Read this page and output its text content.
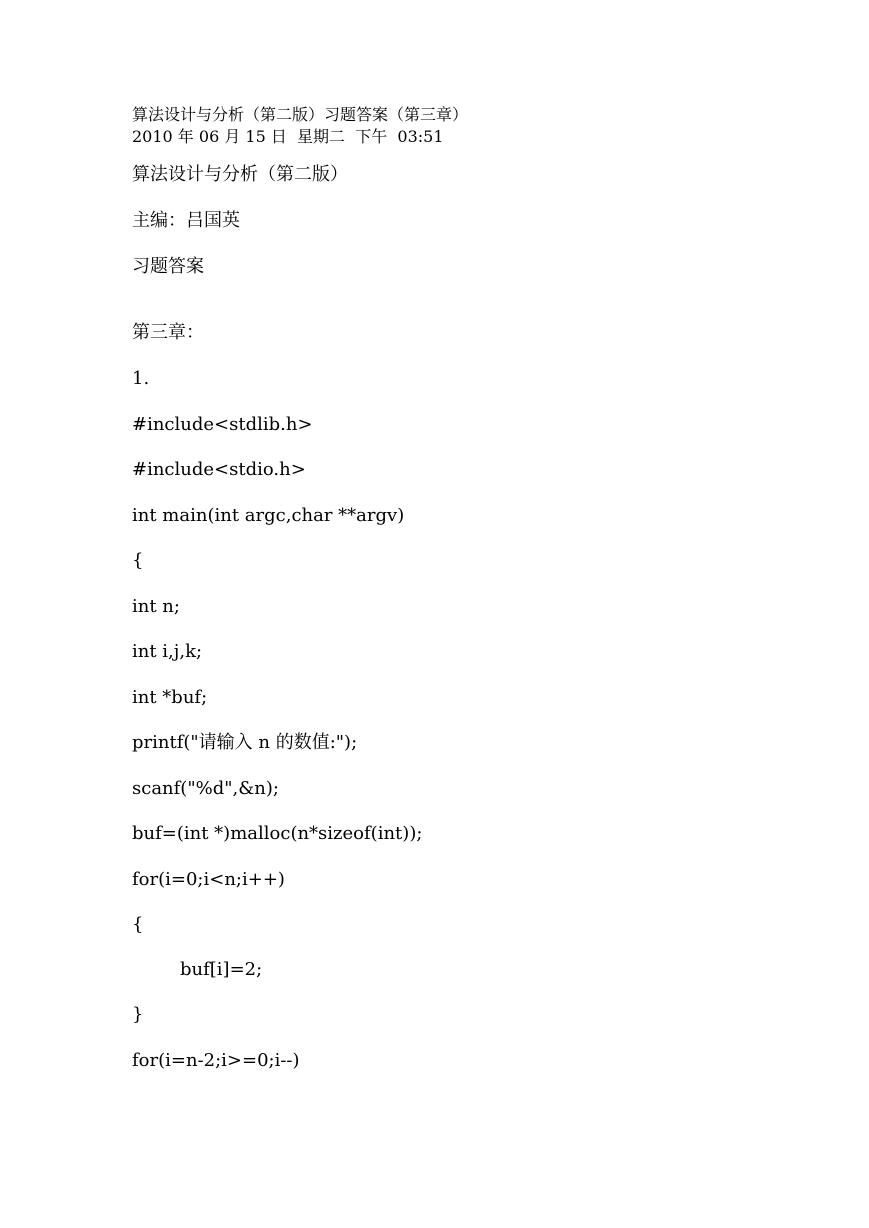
算法设计与分析（第二版）习题答案（第三章）
2010 年 06 月 15 日  星期二  下午  03:51
算法设计与分析（第二版）
主编：吕国英
习题答案
第三章：
1.
#include<stdlib.h>
#include<stdio.h>
int main(int argc,char **argv)
{
int n;
int i,j,k;
int *buf;
printf("请输入 n 的数值:");
scanf("%d",&n);
buf=(int *)malloc(n*sizeof(int));
for(i=0;i<n;i++)
{
buf[i]=2;
}
for(i=n-2;i>=0;i--)
